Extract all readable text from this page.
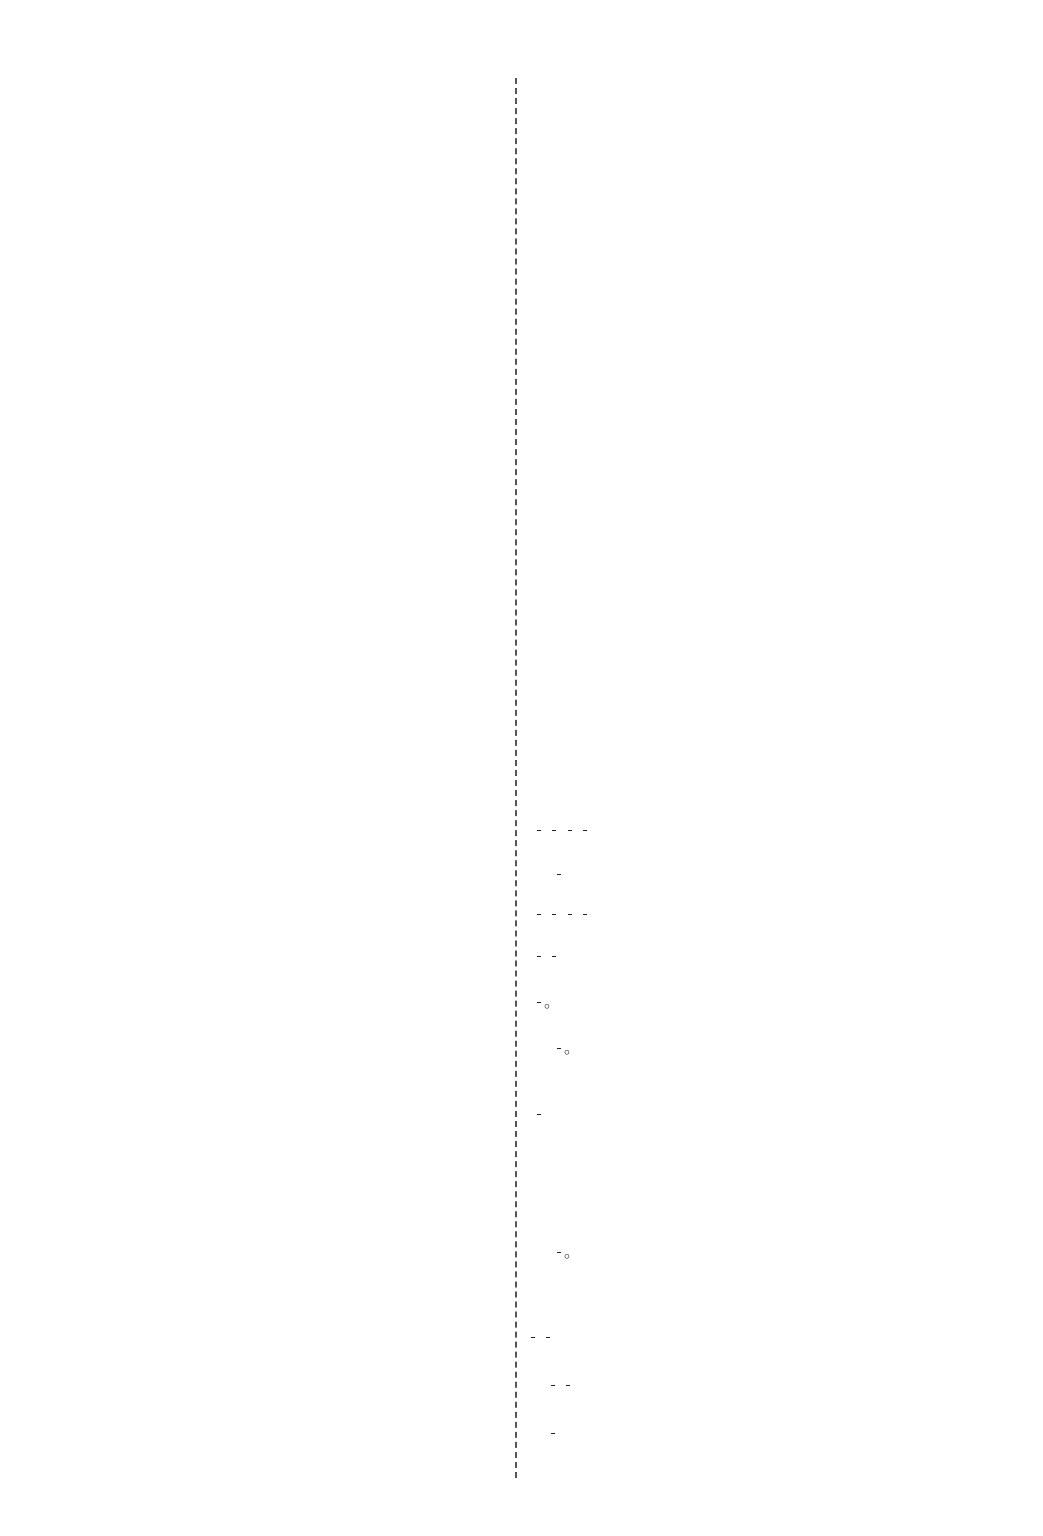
。
。
。
